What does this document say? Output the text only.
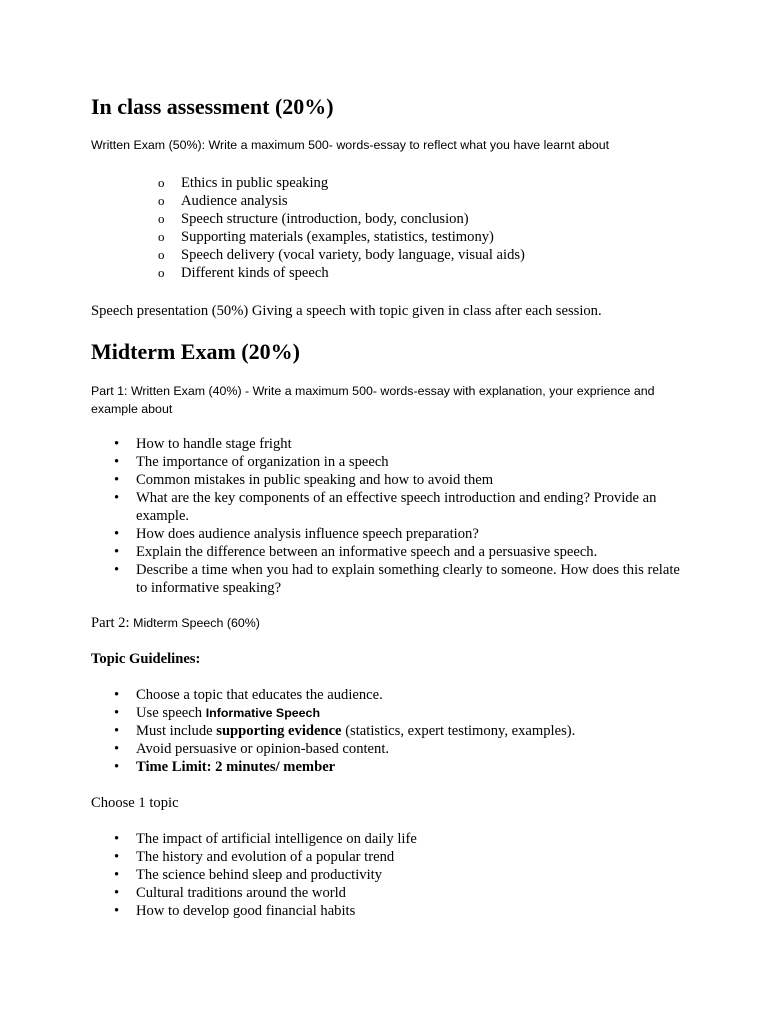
In class assessment (20%)

Written Exam (50%): Write a maximum 500- words-essay to reflect what you have learnt about

o Ethics in public speaking
o Audience analysis
o Speech structure (introduction, body, conclusion)
o Supporting materials (examples, statistics, testimony)
o Speech delivery (vocal variety, body language, visual aids)
o Different kinds of speech

Speech presentation (50%) Giving a speech with topic given in class after each session.

Midterm Exam (20%)

Part 1: Written Exam (40%) - Write a maximum 500- words-essay with explanation, your exprience and example about

• How to handle stage fright
• The importance of organization in a speech
• Common mistakes in public speaking and how to avoid them
• What are the key components of an effective speech introduction and ending? Provide an example.
• How does audience analysis influence speech preparation?
• Explain the difference between an informative speech and a persuasive speech.
• Describe a time when you had to explain something clearly to someone. How does this relate to informative speaking?

Part 2: Midterm Speech (60%)

Topic Guidelines:

• Choose a topic that educates the audience.
• Use speech Informative Speech
• Must include supporting evidence (statistics, expert testimony, examples).
• Avoid persuasive or opinion-based content.
• Time Limit: 2 minutes/ member

Choose 1 topic

• The impact of artificial intelligence on daily life
• The history and evolution of a popular trend
• The science behind sleep and productivity
• Cultural traditions around the world
• How to develop good financial habits
